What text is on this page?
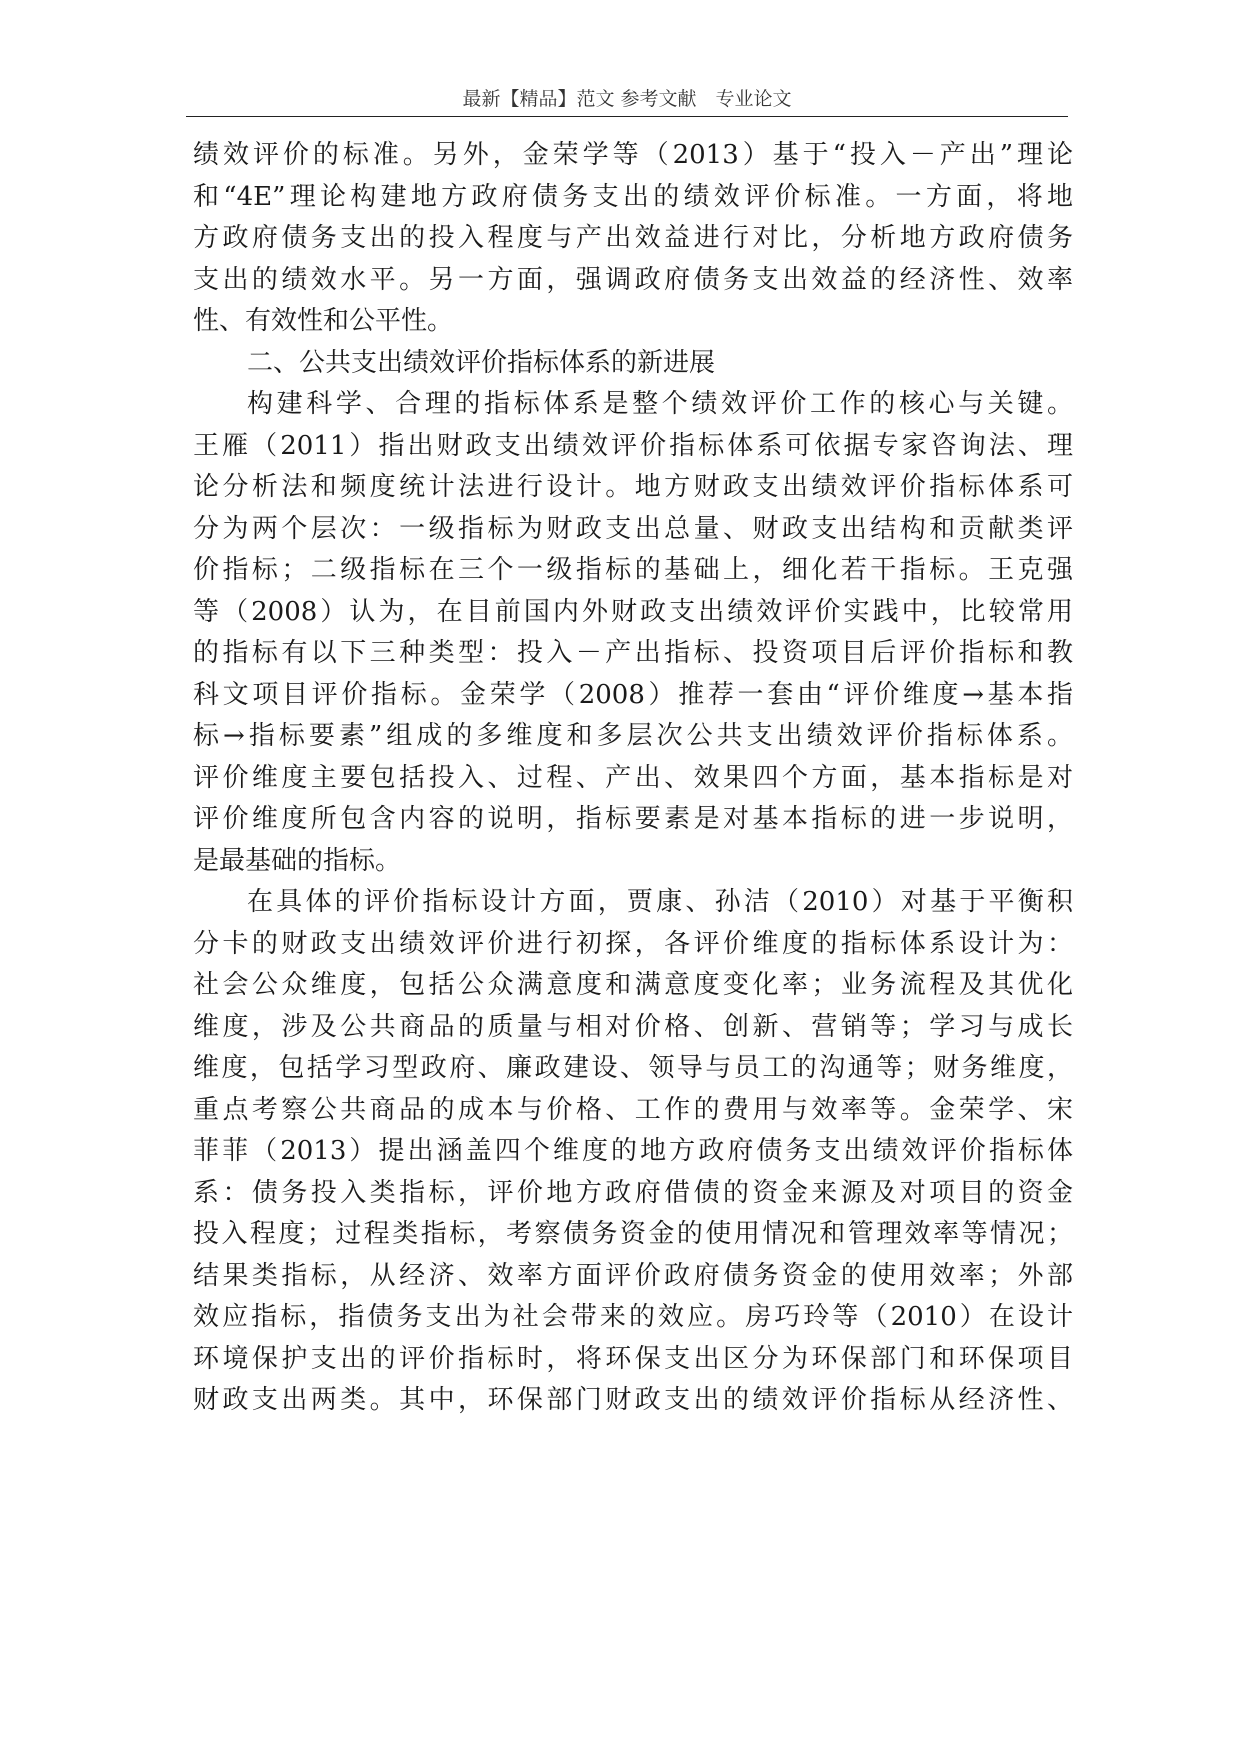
最新【精品】范文 参考文献　专业论文
绩效评价的标准。另外，金荣学等（2013）基于“投入－产出”理论
和“4E”理论构建地方政府债务支出的绩效评价标准。一方面，将地
方政府债务支出的投入程度与产出效益进行对比，分析地方政府债务
支出的绩效水平。另一方面，强调政府债务支出效益的经济性、效率
性、有效性和公平性。
二、公共支出绩效评价指标体系的新进展
构建科学、合理的指标体系是整个绩效评价工作的核心与关键。
王雁（2011）指出财政支出绩效评价指标体系可依据专家咨询法、理
论分析法和频度统计法进行设计。地方财政支出绩效评价指标体系可
分为两个层次：一级指标为财政支出总量、财政支出结构和贡献类评
价指标；二级指标在三个一级指标的基础上，细化若干指标。王克强
等（2008）认为，在目前国内外财政支出绩效评价实践中，比较常用
的指标有以下三种类型：投入－产出指标、投资项目后评价指标和教
科文项目评价指标。金荣学（2008）推荐一套由“评价维度→基本指
标→指标要素”组成的多维度和多层次公共支出绩效评价指标体系。
评价维度主要包括投入、过程、产出、效果四个方面，基本指标是对
评价维度所包含内容的说明，指标要素是对基本指标的进一步说明，
是最基础的指标。
在具体的评价指标设计方面，贾康、孙洁（2010）对基于平衡积
分卡的财政支出绩效评价进行初探，各评价维度的指标体系设计为：
社会公众维度，包括公众满意度和满意度变化率；业务流程及其优化
维度，涉及公共商品的质量与相对价格、创新、营销等；学习与成长
维度，包括学习型政府、廉政建设、领导与员工的沟通等；财务维度，
重点考察公共商品的成本与价格、工作的费用与效率等。金荣学、宋
菲菲（2013）提出涵盖四个维度的地方政府债务支出绩效评价指标体
系：债务投入类指标，评价地方政府借债的资金来源及对项目的资金
投入程度；过程类指标，考察债务资金的使用情况和管理效率等情况；
结果类指标，从经济、效率方面评价政府债务资金的使用效率；外部
效应指标，指债务支出为社会带来的效应。房巧玲等（2010）在设计
环境保护支出的评价指标时，将环保支出区分为环保部门和环保项目
财政支出两类。其中，环保部门财政支出的绩效评价指标从经济性、
